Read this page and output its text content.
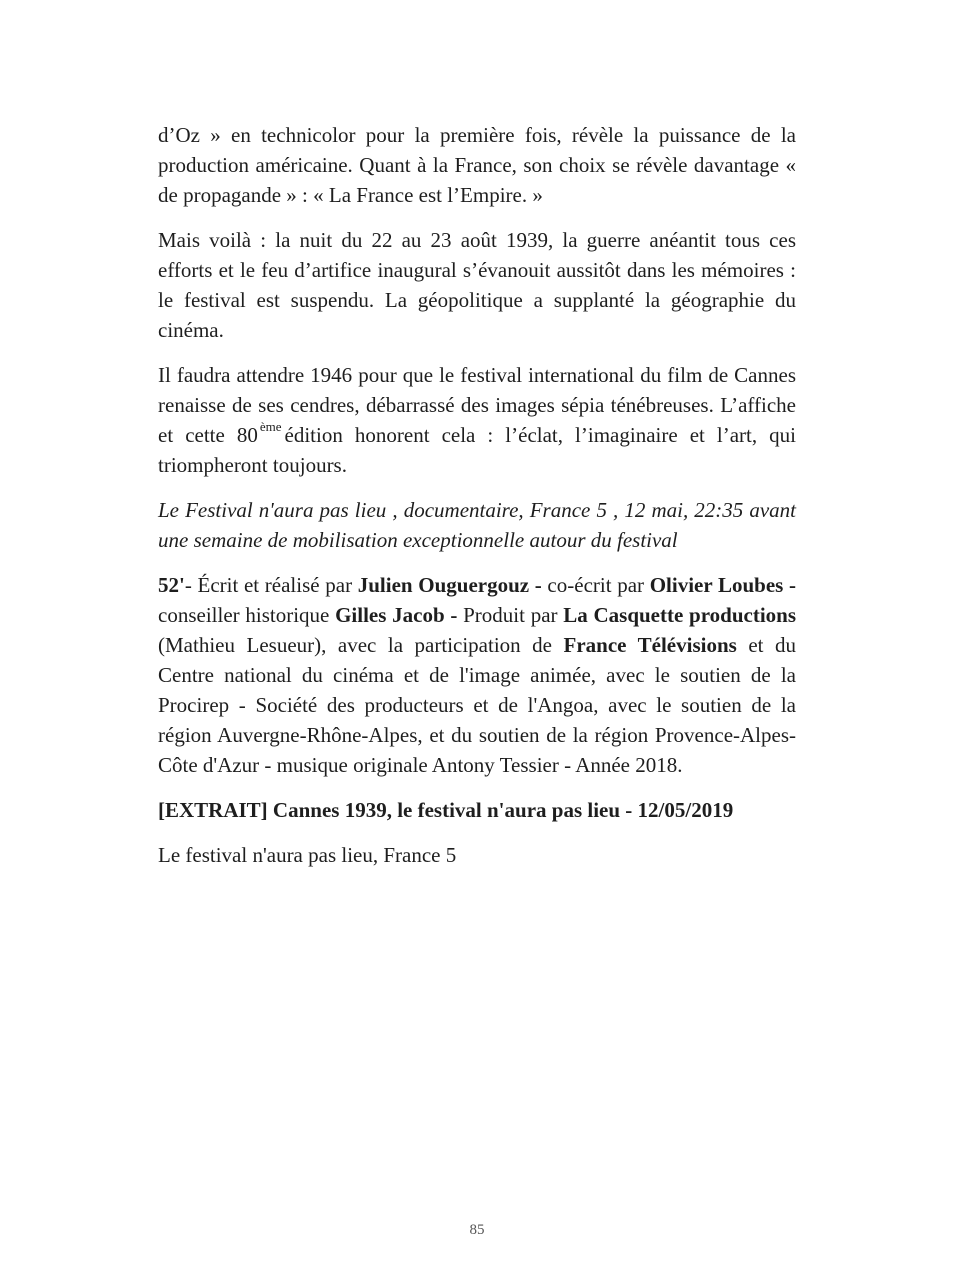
d’Oz » en technicolor pour la première fois, révèle la puissance de la production américaine. Quant à la France, son choix se révèle davantage « de propagande » : « La France est l’Empire. »

Mais voilà : la nuit du 22 au 23 août 1939, la guerre anéantit tous ces efforts et le feu d’artifice inaugural s’évanouit aussitôt dans les mémoires : le festival est suspendu. La géopolitique a supplanté la géographie du cinéma.

Il faudra attendre 1946 pour que le festival international du film de Cannes renaisse de ses cendres, débarrassé des images sépia ténébreuses. L’affiche et cette 80 $^{ème}$ édition honorent cela : l’éclat, l’imaginaire et l’art, qui triompheront toujours.

Le Festival n'aura pas lieu , documentaire, France 5 , 12 mai, 22:35 avant une semaine de mobilisation exceptionnelle autour du festival

52'- Écrit et réalisé par Julien Ouguergouz - co-écrit par Olivier Loubes - conseiller historique Gilles Jacob - Produit par La Casquette productions (Mathieu Lesueur), avec la participation de France Télévisions et du Centre national du cinéma et de l'image animée, avec le soutien de la Procirep - Société des producteurs et de l'Angoa, avec le soutien de la région Auvergne-Rhône-Alpes, et du soutien de la région Provence-Alpes-Côte d'Azur - musique originale Antony Tessier - Année 2018.

[EXTRAIT] Cannes 1939, le festival n'aura pas lieu - 12/05/2019

Le festival n'aura pas lieu, France 5

85
